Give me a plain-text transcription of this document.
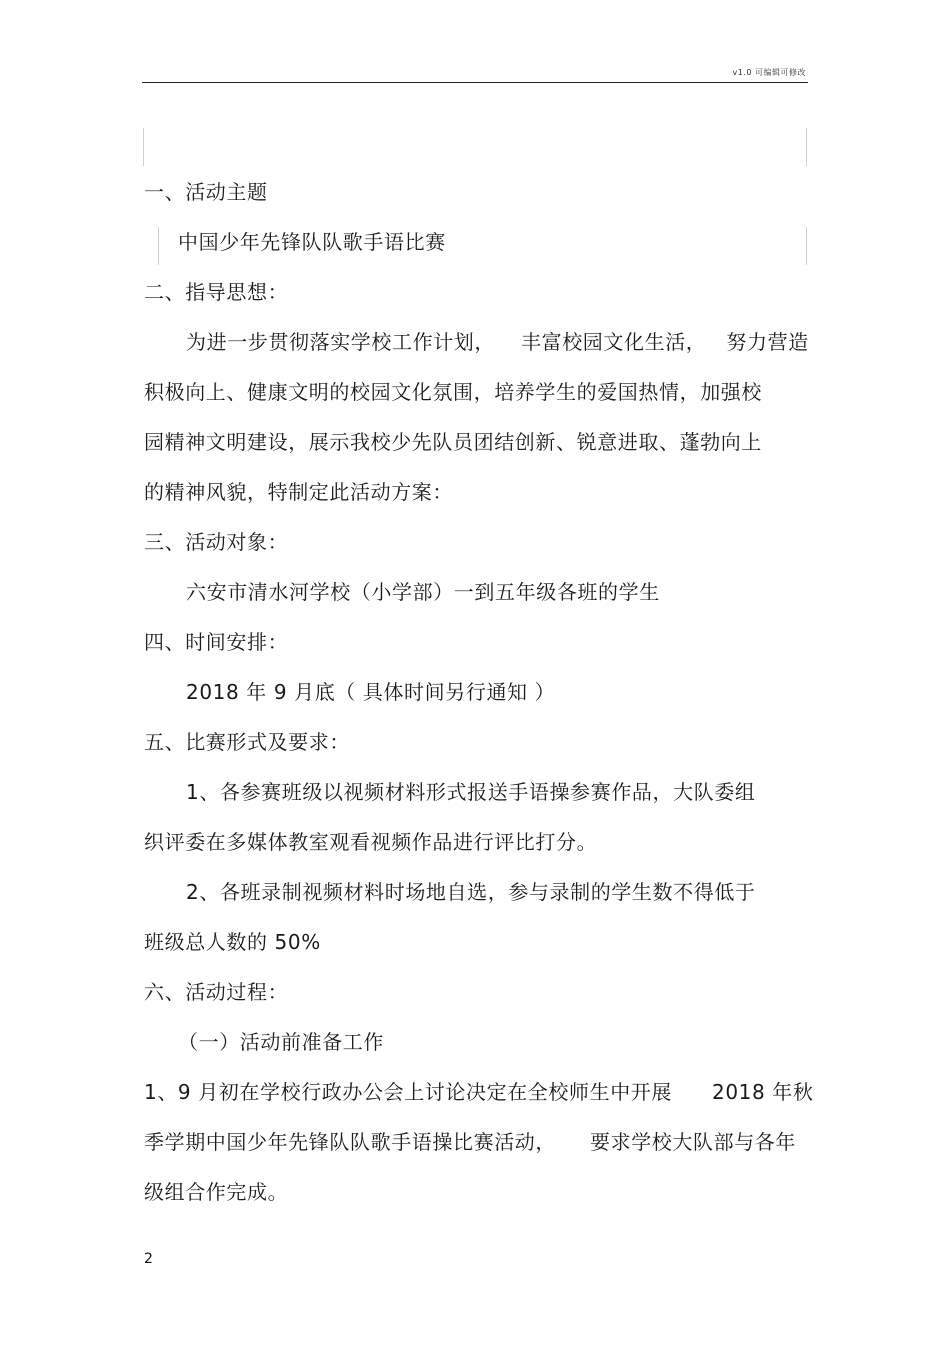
v1.0 可编辑可修改
一、活动主题
中国少年先锋队队歌手语比赛
二、指导思想：
为进一步贯彻落实学校工作计划， 丰富校园文化生活， 努力营造
积极向上、健康文明的校园文化氛围，培养学生的爱国热情，加强校
园精神文明建设，展示我校少先队员团结创新、锐意进取、蓬勃向上
的精神风貌，特制定此活动方案：
三、活动对象：
六安市清水河学校（小学部）一到五年级各班的学生
四、时间安排：
2018 年 9 月底（ 具体时间另行通知 ）
五、比赛形式及要求：
1、各参赛班级以视频材料形式报送手语操参赛作品，大队委组
织评委在多媒体教室观看视频作品进行评比打分。
2、各班录制视频材料时场地自选，参与录制的学生数不得低于
班级总人数的 50%
六、活动过程：
（一）活动前准备工作
1、9 月初在学校行政办公会上讨论决定在全校师生中开展 2018 年秋
季学期中国少年先锋队队歌手语操比赛活动， 要求学校大队部与各年
级组合作完成。
2
